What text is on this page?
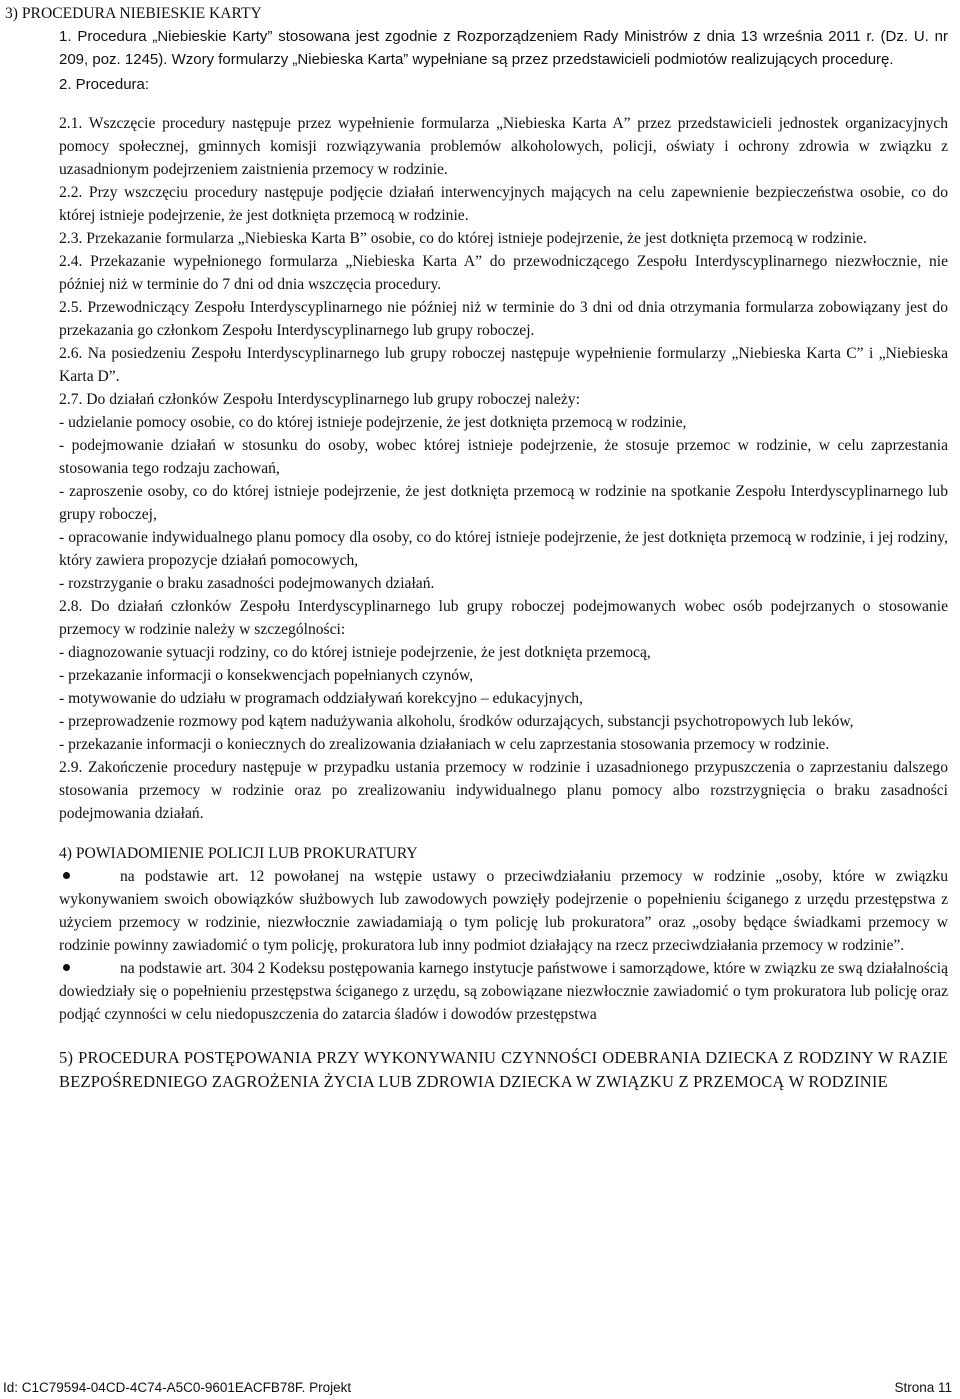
3) PROCEDURA NIEBIESKIE KARTY

1. Procedura „Niebieskie Karty” stosowana jest zgodnie z Rozporządzeniem Rady Ministrów z dnia 13 września 2011 r. (Dz. U. nr 209, poz. 1245). Wzory formularzy „Niebieska Karta” wypełniane są przez przedstawicieli podmiotów realizujących procedurę.

2. Procedura:

2.1. Wszczęcie procedury następuje przez wypełnienie formularza „Niebieska Karta A” przez przedstawicieli jednostek organizacyjnych pomocy społecznej, gminnych komisji rozwiązywania problemów alkoholowych, policji, oświaty i ochrony zdrowia w związku z uzasadnionym podejrzeniem zaistnienia przemocy w rodzinie.

2.2. Przy wszczęciu procedury następuje podjęcie działań interwencyjnych mających na celu zapewnienie bezpieczeństwa osobie, co do której istnieje podejrzenie, że jest dotknięta przemocą w rodzinie.

2.3. Przekazanie formularza „Niebieska Karta B” osobie, co do której istnieje podejrzenie, że jest dotknięta przemocą w rodzinie.

2.4. Przekazanie wypełnionego formularza „Niebieska Karta A” do przewodniczącego Zespołu Interdyscyplinarnego niezwłocznie, nie później niż w terminie do 7 dni od dnia wszczęcia procedury.

2.5. Przewodniczący Zespołu Interdyscyplinarnego nie później niż w terminie do 3 dni od dnia otrzymania formularza zobowiązany jest do przekazania go członkom Zespołu Interdyscyplinarnego lub grupy roboczej.

2.6. Na posiedzeniu Zespołu Interdyscyplinarnego lub grupy roboczej następuje wypełnienie formularzy „Niebieska Karta C” i „Niebieska Karta D”.

2.7. Do działań członków Zespołu Interdyscyplinarnego lub grupy roboczej należy:

- udzielanie pomocy osobie, co do której istnieje podejrzenie, że jest dotknięta przemocą w rodzinie,

- podejmowanie działań w stosunku do osoby, wobec której istnieje podejrzenie, że stosuje przemoc w rodzinie, w celu zaprzestania stosowania tego rodzaju zachowań,

- zaproszenie osoby, co do której istnieje podejrzenie, że jest dotknięta przemocą w rodzinie na spotkanie Zespołu Interdyscyplinarnego lub grupy roboczej,

- opracowanie indywidualnego planu pomocy dla osoby, co do której istnieje podejrzenie, że jest dotknięta przemocą w rodzinie, i jej rodziny, który zawiera propozycje działań pomocowych,

- rozstrzyganie o braku zasadności podejmowanych działań.

2.8. Do działań członków Zespołu Interdyscyplinarnego lub grupy roboczej podejmowanych wobec osób podejrzanych o stosowanie przemocy w rodzinie należy w szczególności:

- diagnozowanie sytuacji rodziny, co do której istnieje podejrzenie, że jest dotknięta przemocą,

- przekazanie informacji o konsekwencjach popełnianych czynów,

- motywowanie do udziału w programach oddziaływań korekcyjno – edukacyjnych,

- przeprowadzenie rozmowy pod kątem nadużywania alkoholu, środków odurzających, substancji psychotropowych lub leków,

- przekazanie informacji o koniecznych do zrealizowania działaniach w celu zaprzestania stosowania przemocy w rodzinie.

2.9. Zakończenie procedury następuje w przypadku ustania przemocy w rodzinie i uzasadnionego przypuszczenia o zaprzestaniu dalszego stosowania przemocy w rodzinie oraz po zrealizowaniu indywidualnego planu pomocy albo rozstrzygnięcia o braku zasadności podejmowania działań.

4) POWIADOMIENIE POLICJI LUB PROKURATURY

na podstawie art. 12 powołanej na wstępie ustawy o przeciwdziałaniu przemocy w rodzinie „osoby, które w związku wykonywaniem swoich obowiązków służbowych lub zawodowych powzięły podejrzenie o popełnieniu ściganego z urzędu przestępstwa z użyciem przemocy w rodzinie, niezwłocznie zawiadamiają o tym policję lub prokuratora” oraz „osoby będące świadkami przemocy w rodzinie powinny zawiadomić o tym policję, prokuratora lub inny podmiot działający na rzecz przeciwdziałania przemocy w rodzinie”.

na podstawie art. 304 2 Kodeksu postępowania karnego instytucje państwowe i samorządowe, które w związku ze swą działalnością dowiedziały się o popełnieniu przestępstwa ściganego z urzędu, są zobowiązane niezwłocznie zawiadomić o tym prokuratora lub policję oraz podjąć czynności w celu niedopuszczenia do zatarcia śladów i dowodów przestępstwa

5) PROCEDURA POSTĘPOWANIA PRZY WYKONYWANIU CZYNNOŚCI ODEBRANIA DZIECKA Z RODZINY W RAZIE BEZPOŚREDNIEGO ZAGROŻENIA ŻYCIA LUB ZDROWIA DZIECKA W ZWIĄZKU Z PRZEMOCĄ W RODZINIE

Id: C1C79594-04CD-4C74-A5C0-9601EACFB78F. Projekt	Strona 11
